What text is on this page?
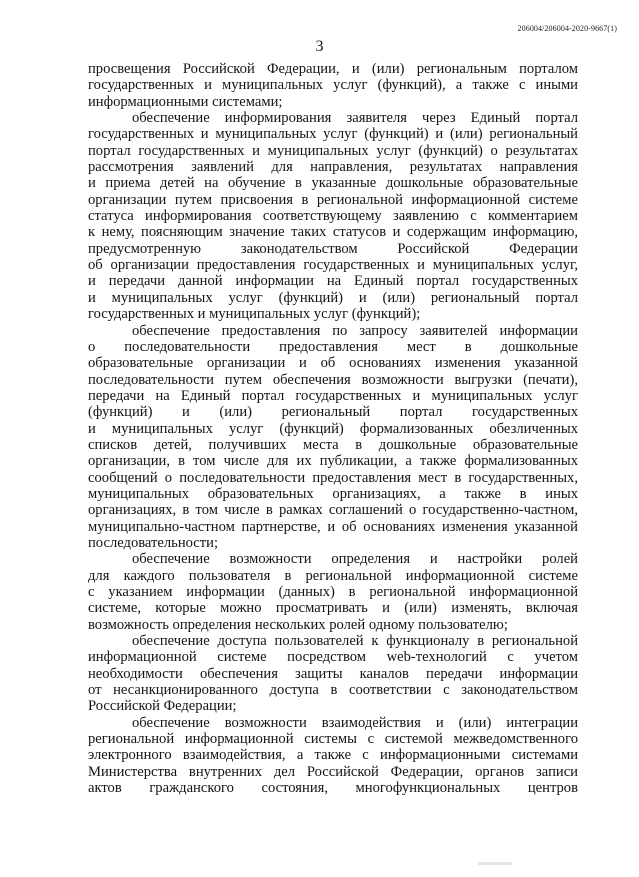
206004/206004-2020-9667(1)
3
просвещения Российской Федерации, и (или) региональным порталом
государственных и муниципальных услуг (функций), а также с иными
информационными системами;
обеспечение информирования заявителя через Единый портал
государственных и муниципальных услуг (функций) и (или) региональный
портал государственных и муниципальных услуг (функций) о результатах
рассмотрения заявлений для направления, результатах направления
и приема детей на обучение в указанные дошкольные образовательные
организации путем присвоения в региональной информационной системе
статуса информирования соответствующему заявлению с комментарием
к нему, поясняющим значение таких статусов и содержащим информацию,
предусмотренную законодательством Российской Федерации
об организации предоставления государственных и муниципальных услуг,
и передачи данной информации на Единый портал государственных
и муниципальных услуг (функций) и (или) региональный портал
государственных и муниципальных услуг (функций);
обеспечение предоставления по запросу заявителей информации
о последовательности предоставления мест в дошкольные
образовательные организации и об основаниях изменения указанной
последовательности путем обеспечения возможности выгрузки (печати),
передачи на Единый портал государственных и муниципальных услуг
(функций) и (или) региональный портал государственных
и муниципальных услуг (функций) формализованных обезличенных
списков детей, получивших места в дошкольные образовательные
организации, в том числе для их публикации, а также формализованных
сообщений о последовательности предоставления мест в государственных,
муниципальных образовательных организациях, а также в иных
организациях, в том числе в рамках соглашений о государственно-частном,
муниципально-частном партнерстве, и об основаниях изменения указанной
последовательности;
обеспечение возможности определения и настройки ролей
для каждого пользователя в региональной информационной системе
с указанием информации (данных) в региональной информационной
системе, которые можно просматривать и (или) изменять, включая
возможность определения нескольких ролей одному пользователю;
обеспечение доступа пользователей к функционалу в региональной
информационной системе посредством web-технологий с учетом
необходимости обеспечения защиты каналов передачи информации
от несанкционированного доступа в соответствии с законодательством
Российской Федерации;
обеспечение возможности взаимодействия и (или) интеграции
региональной информационной системы с системой межведомственного
электронного взаимодействия, а также с информационными системами
Министерства внутренних дел Российской Федерации, органов записи
актов гражданского состояния, многофункциональных центров
